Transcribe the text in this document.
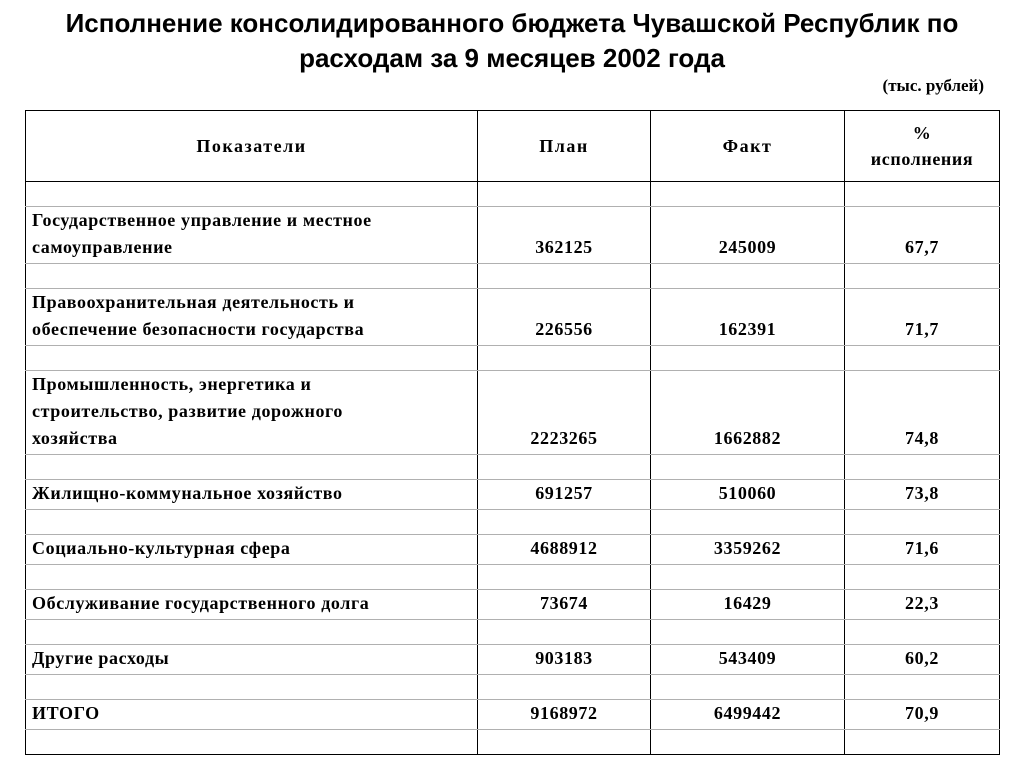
Исполнение консолидированного бюджета Чувашской Республик по
расходам за 9 месяцев 2002 года
(тыс. рублей)
Показатели	План	Факт	%
исполнения

Государственное управление и местное
самоуправление	362125	245009	67,7

Правоохранительная деятельность и
обеспечение безопасности государства	226556	162391	71,7

Промышленность, энергетика и
строительство, развитие дорожного
хозяйства	2223265	1662882	74,8

Жилищно-коммунальное хозяйство	691257	510060	73,8

Социально-культурная сфера	4688912	3359262	71,6

Обслуживание государственного долга	73674	16429	22,3

Другие расходы	903183	543409	60,2

ИТОГО	9168972	6499442	70,9
